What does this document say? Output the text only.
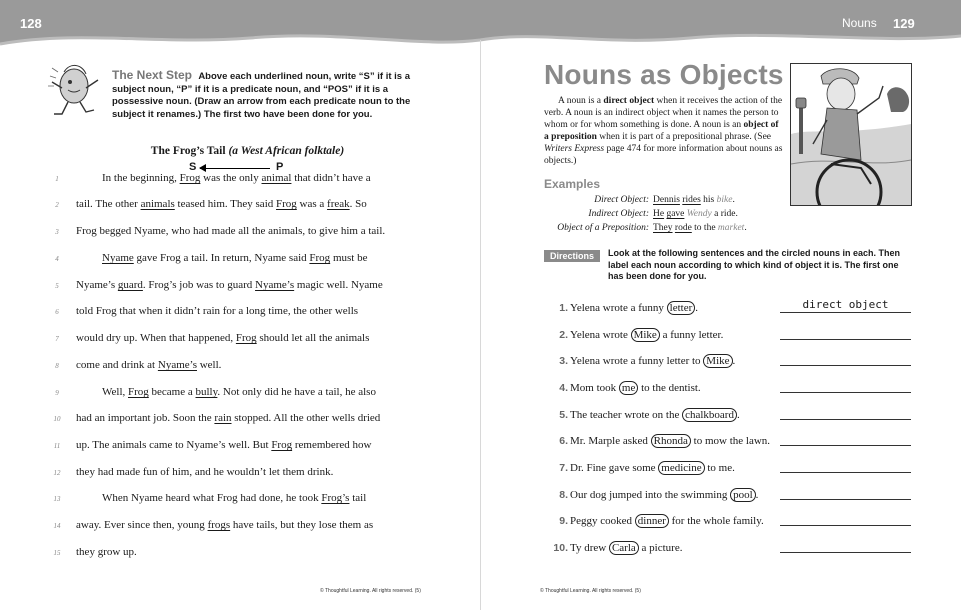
128	Nouns 129
The Next Step Above each underlined noun, write “S” if it is a subject noun, “P” if it is a predicate noun, and “POS” if it is a possessive noun. (Draw an arrow from each predicate noun to the subject it renames.) The first two have been done for you.
The Frog’s Tail (a West African folktale)
S	P
1	In the beginning, Frog was the only animal that didn’t have a
2	tail. The other animals teased him. They said Frog was a freak. So
3	Frog begged Nyame, who had made all the animals, to give him a tail.
4	Nyame gave Frog a tail. In return, Nyame said Frog must be
5	Nyame’s guard. Frog’s job was to guard Nyame’s magic well. Nyame
6	told Frog that when it didn’t rain for a long time, the other wells
7	would dry up. When that happened, Frog should let all the animals
8	come and drink at Nyame’s well.
9	Well, Frog became a bully. Not only did he have a tail, he also
10	had an important job. Soon the rain stopped. All the other wells dried
11	up. The animals came to Nyame’s well. But Frog remembered how
12	they had made fun of him, and he wouldn’t let them drink.
13	When Nyame heard what Frog had done, he took Frog’s tail
14	away. Ever since then, young frogs have tails, but they lose them as
15	they grow up.
© Thoughtful Learning. All rights reserved. (5)
Nouns as Objects
A noun is a direct object when it receives the action of the verb. A noun is an indirect object when it names the person to whom or for whom something is done. A noun is an object of a preposition when it is part of a prepositional phrase. (See Writers Express page 474 for more information about nouns as objects.)
Examples
Direct Object: Dennis rides his bike.
Indirect Object: He gave Wendy a ride.
Object of a Preposition: They rode to the market.
Directions	Look at the following sentences and the circled nouns in each. Then label each noun according to which kind of object it is. The first one has been done for you.
1. Yelena wrote a funny letter .	direct object
2. Yelena wrote Mike a funny letter.
3. Yelena wrote a funny letter to Mike .
4. Mom took me to the dentist.
5. The teacher wrote on the chalkboard .
6. Mr. Marple asked Rhonda to mow the lawn.
7. Dr. Fine gave some medicine to me.
8. Our dog jumped into the swimming pool .
9. Peggy cooked dinner for the whole family.
10. Ty drew Carla a picture.
© Thoughtful Learning. All rights reserved. (5)
